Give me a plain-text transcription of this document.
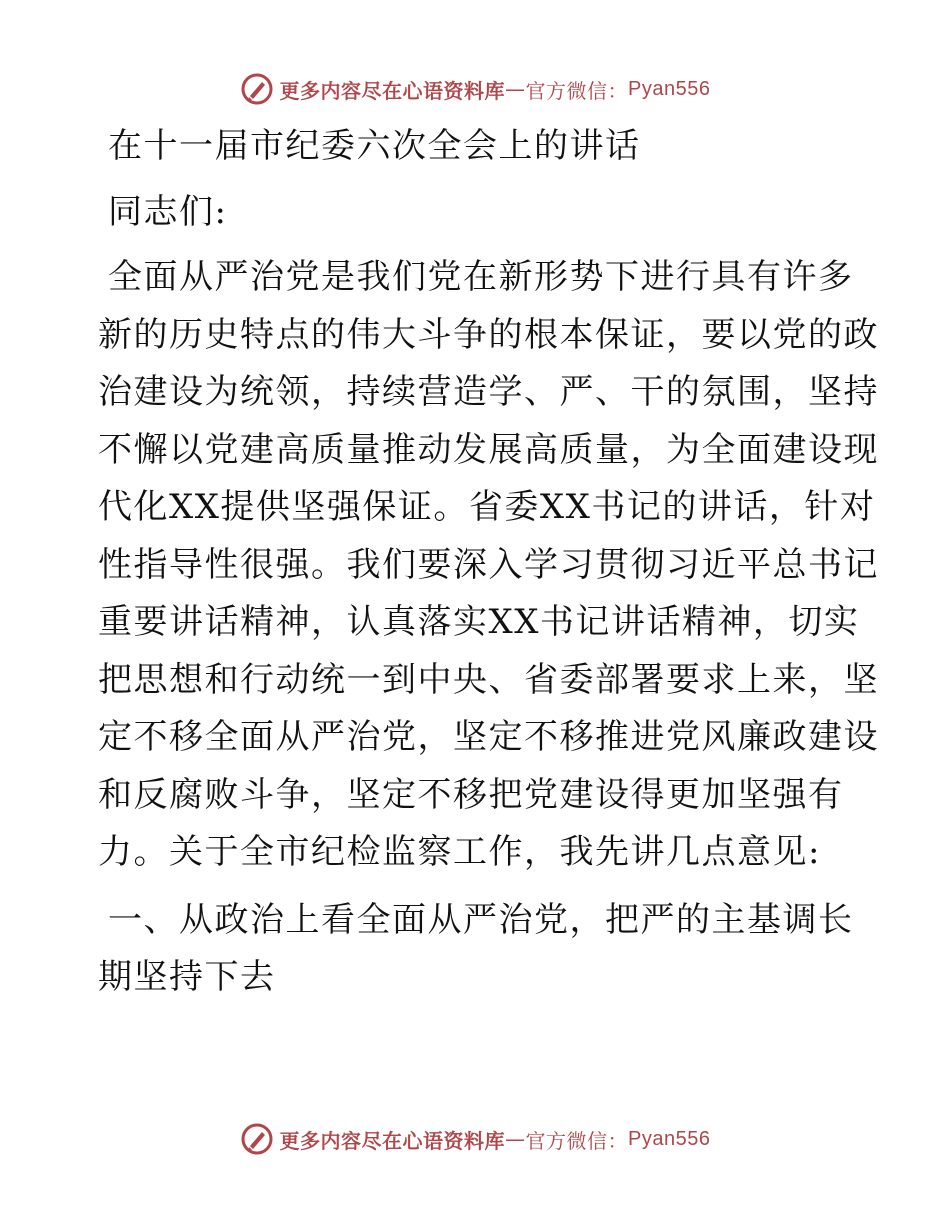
更多内容尽在心语资料库 — 官方微信： Pyan556
在十一届市纪委六次全会上的讲话
同志们:
全面从严治党是我们党在新形势下进行具有许多
新的历史特点的伟大斗争的根本保证，要以党的政
治建设为统领，持续营造学、严、干的氛围，坚持
不懈以党建高质量推动发展高质量，为全面建设现
代化XX提供坚强保证。省委XX书记的讲话，针对
性指导性很强。我们要深入学习贯彻习近平总书记
重要讲话精神，认真落实XX书记讲话精神，切实
把思想和行动统一到中央、省委部署要求上来，坚
定不移全面从严治党，坚定不移推进党风廉政建设
和反腐败斗争，坚定不移把党建设得更加坚强有
力。关于全市纪检监察工作，我先讲几点意见:
一、从政治上看全面从严治党，把严的主基调长
期坚持下去
更多内容尽在心语资料库 — 官方微信： Pyan556
